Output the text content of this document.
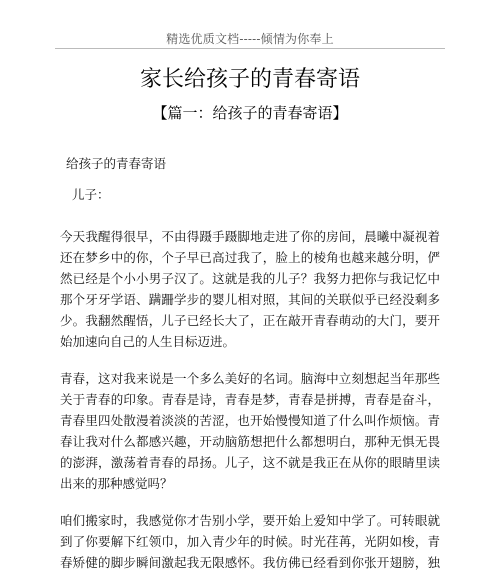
精选优质文档-----倾情为你奉上
家长给孩子的青春寄语
【篇一：给孩子的青春寄语】
给孩子的青春寄语
儿子：
今天我醒得很早，不由得蹑手蹑脚地走进了你的房间，晨曦中凝视着
还在梦乡中的你，个子早已高过我了，脸上的棱角也越来越分明，俨
然已经是个小小男子汉了。这就是我的儿子？我努力把你与我记忆中
那个牙牙学语、蹒跚学步的婴儿相对照，其间的关联似乎已经没剩多
少。我翻然醒悟，儿子已经长大了，正在敲开青春萌动的大门，要开
始加速向自己的人生目标迈进。
青春，这对我来说是一个多么美好的名词。脑海中立刻想起当年那些
关于青春的印象。青春是诗，青春是梦，青春是拼搏，青春是奋斗，
青春里四处散漫着淡淡的苦涩，也开始慢慢知道了什么叫作烦恼。青
春让我对什么都感兴趣，开动脑筋想把什么都想明白，那种无惧无畏
的澎湃，激荡着青春的昂扬。儿子，这不就是我正在从你的眼睛里读
出来的那种感觉吗？
咱们搬家时，我感觉你才告别小学，要开始上爱知中学了。可转眼就
到了你要解下红领巾，加入青少年的时候。时光荏苒，光阴如梭，青
春矫健的脚步瞬间激起我无限感怀。我仿佛已经看到你张开翅膀，独
